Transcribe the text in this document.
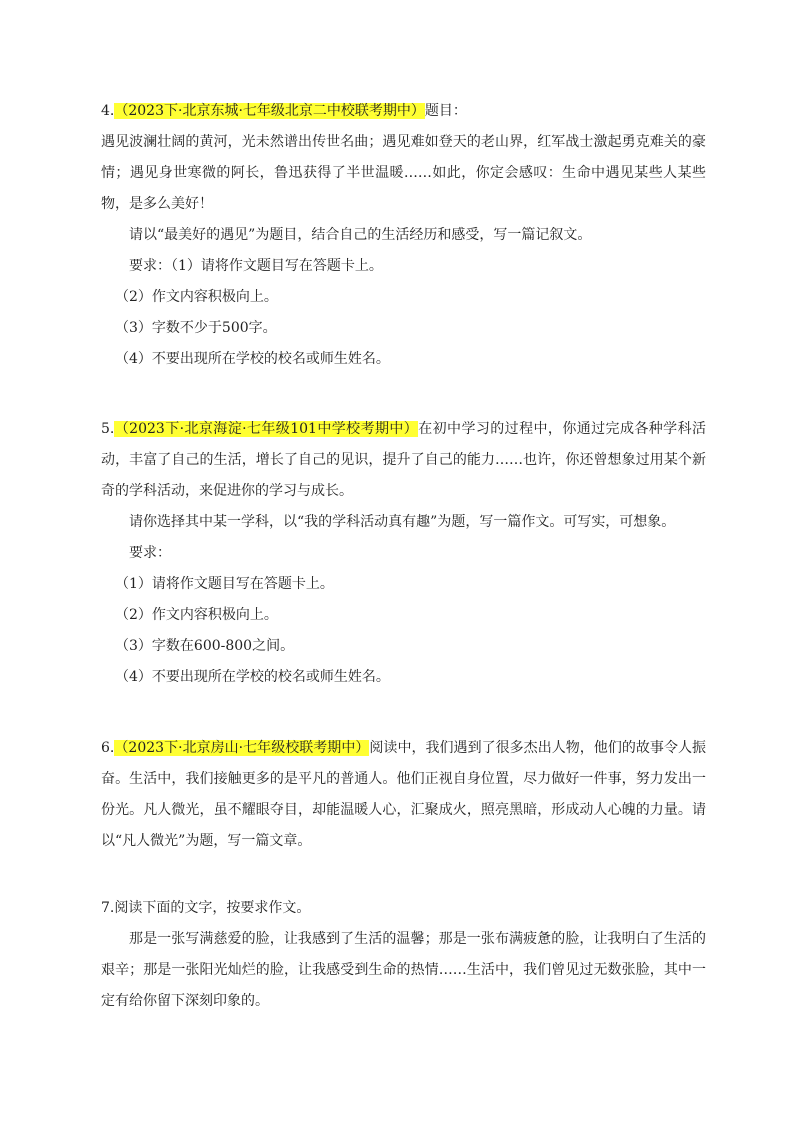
4.（2023下·北京东城·七年级北京二中校联考期中）题目：

遇见波澜壮阔的黄河，光未然谱出传世名曲；遇见难如登天的老山界，红军战士激起勇克难关的豪情；遇见身世寒微的阿长，鲁迅获得了半世温暖……如此，你定会感叹：生命中遇见某些人某些物，是多么美好！

请以“最美好的遇见”为题目，结合自己的生活经历和感受，写一篇记叙文。

要求：（1）请将作文题目写在答题卡上。

（2）作文内容积极向上。

（3）字数不少于500字。

（4）不要出现所在学校的校名或师生姓名。

5.（2023下·北京海淀·七年级101中学校考期中）在初中学习的过程中，你通过完成各种学科活动，丰富了自己的生活，增长了自己的见识，提升了自己的能力……也许，你还曾想象过用某个新奇的学科活动，来促进你的学习与成长。

请你选择其中某一学科，以“我的学科活动真有趣”为题，写一篇作文。可写实，可想象。

要求：

（1）请将作文题目写在答题卡上。

（2）作文内容积极向上。

（3）字数在600-800之间。

（4）不要出现所在学校的校名或师生姓名。

6.（2023下·北京房山·七年级校联考期中）阅读中，我们遇到了很多杰出人物，他们的故事令人振奋。生活中，我们接触更多的是平凡的普通人。他们正视自身位置，尽力做好一件事，努力发出一份光。凡人微光，虽不耀眼夺目，却能温暖人心，汇聚成火，照亮黑暗，形成动人心魄的力量。请以“凡人微光”为题，写一篇文章。

7.阅读下面的文字，按要求作文。

那是一张写满慈爱的脸，让我感到了生活的温馨；那是一张布满疲惫的脸，让我明白了生活的艰辛；那是一张阳光灿烂的脸，让我感受到生命的热情……生活中，我们曾见过无数张脸，其中一定有给你留下深刻印象的。
